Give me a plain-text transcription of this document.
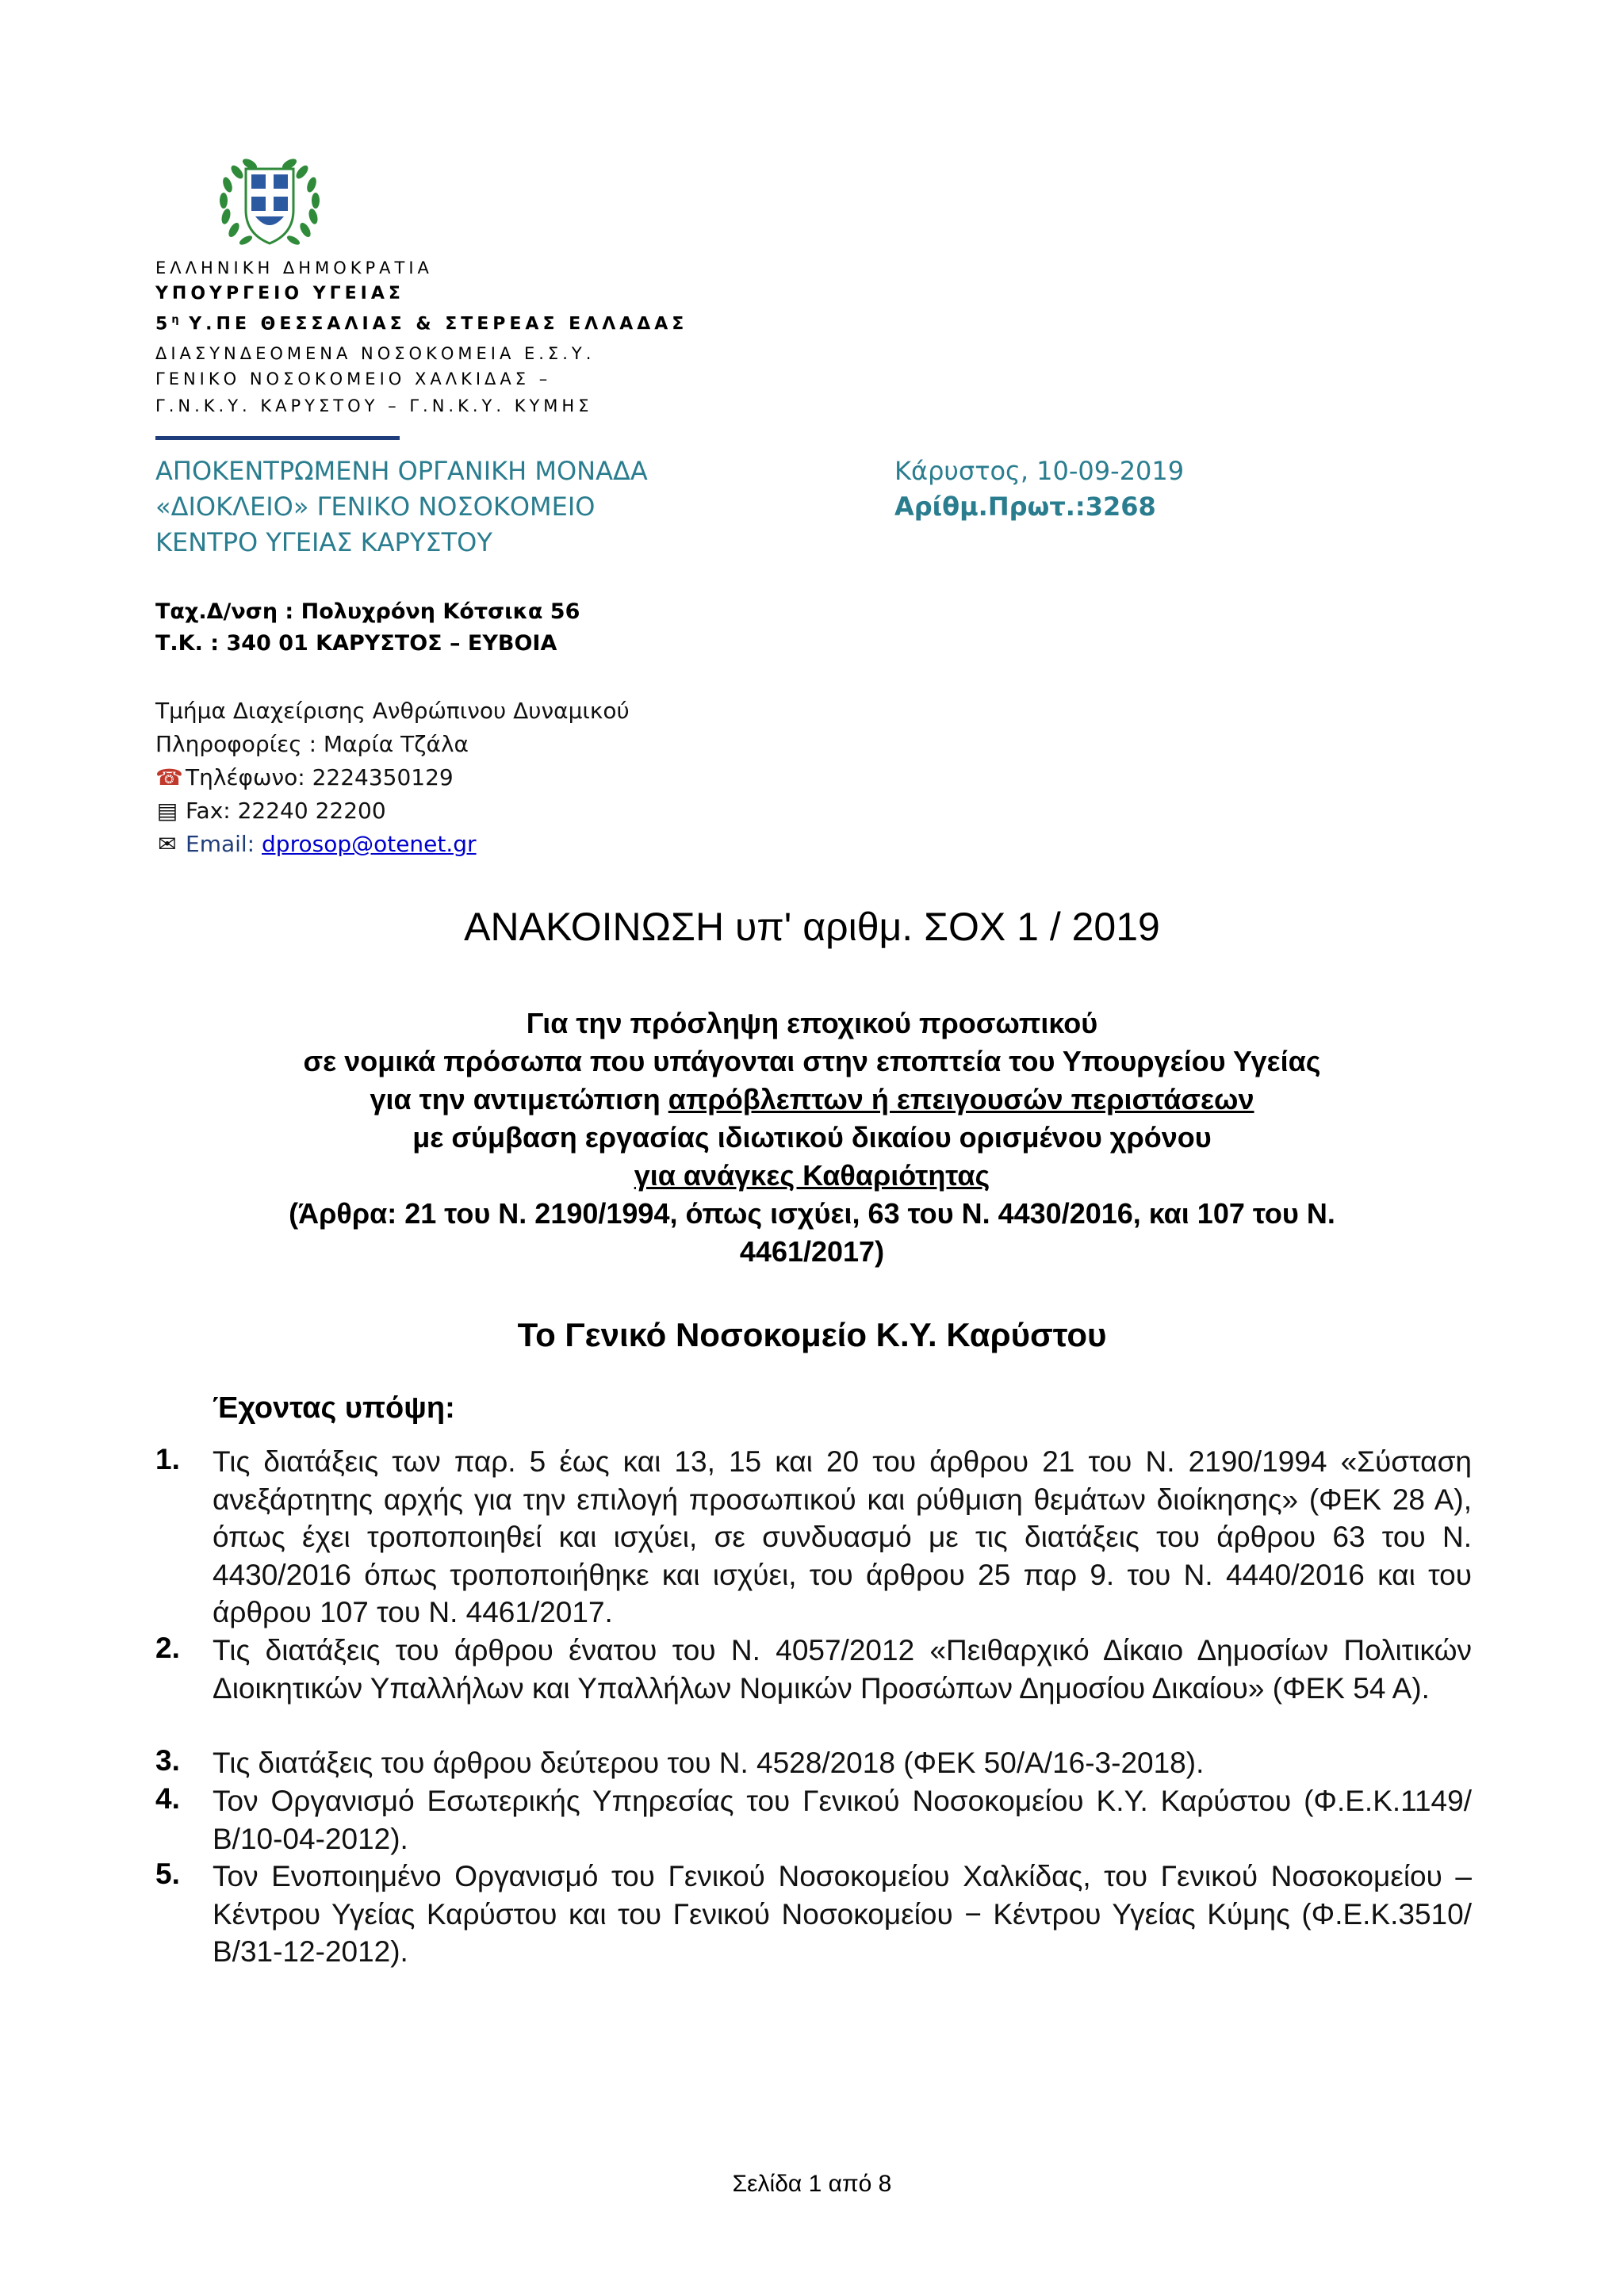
ΕΛΛΗΝΙΚΗ ΔΗΜΟΚΡΑΤΙΑ
ΥΠΟΥΡΓΕΙΟ ΥΓΕΙΑΣ
$5^\eta$ Υ.ΠΕ ΘΕΣΣΑΛΙΑΣ & ΣΤΕΡΕΑΣ ΕΛΛΑΔΑΣ
ΔΙΑΣΥΝΔΕΟΜΕΝΑ ΝΟΣΟΚΟΜΕΙΑ Ε.Σ.Υ.
ΓΕΝΙΚΟ ΝΟΣΟΚΟΜΕΙΟ ΧΑΛΚΙΔΑΣ –
Γ.Ν.Κ.Υ. ΚΑΡΥΣΤΟΥ – Γ.Ν.Κ.Υ. ΚΥΜΗΣ
ΑΠΟΚΕΝΤΡΩΜΕΝΗ ΟΡΓΑΝΙΚΗ ΜΟΝΑΔΑ
«ΔΙΟΚΛΕΙΟ» ΓΕΝΙΚΟ ΝΟΣΟΚΟΜΕΙΟ
ΚΕΝΤΡΟ ΥΓΕΙΑΣ ΚΑΡΥΣΤΟΥ
Κάρυστος, 10-09-2019
Αρίθμ.Πρωτ.:3268
Ταχ.Δ/νση : Πολυχρόνη Κότσικα 56
Τ.Κ. : 340 01 ΚΑΡΥΣΤΟΣ – ΕΥΒΟΙΑ
Τμήμα Διαχείρισης Ανθρώπινου Δυναμικού
Πληροφορίες : Μαρία Τζάλα
☎ Τηλέφωνο: 2224350129
▤ Fax: 22240 22200
✉ Email: dprosop@otenet.gr
ΑΝΑΚΟΙΝΩΣΗ υπ' αριθμ. ΣΟΧ 1 / 2019
Για την πρόσληψη εποχικού προσωπικού
σε νομικά πρόσωπα που υπάγονται στην εποπτεία του Υπουργείου Υγείας
για την αντιμετώπιση απρόβλεπτων ή επειγουσών περιστάσεων
με σύμβαση εργασίας ιδιωτικού δικαίου ορισμένου χρόνου
για ανάγκες Καθαριότητας
(Άρθρα: 21 του Ν. 2190/1994, όπως ισχύει, 63 του Ν. 4430/2016, και 107 του Ν.
4461/2017)
Το Γενικό Νοσοκομείο Κ.Υ. Καρύστου
Έχοντας υπόψη:
1. Τις διατάξεις των παρ. 5 έως και 13, 15 και 20 του άρθρου 21 του Ν. 2190/1994 «Σύσταση ανεξάρτητης αρχής για την επιλογή προσωπικού και ρύθμιση θεμάτων διοίκησης» (ΦΕΚ 28 Α), όπως έχει τροποποιηθεί και ισχύει, σε συνδυασμό με τις διατάξεις του άρθρου 63 του Ν. 4430/2016 όπως τροποποιήθηκε και ισχύει, του άρθρου 25 παρ 9. του Ν. 4440/2016 και του άρθρου 107 του Ν. 4461/2017.
2. Τις διατάξεις του άρθρου ένατου του Ν. 4057/2012 «Πειθαρχικό Δίκαιο Δημοσίων Πολιτικών Διοικητικών Υπαλλήλων και Υπαλλήλων Νομικών Προσώπων Δημοσίου Δικαίου» (ΦΕΚ 54 Α).
3. Τις διατάξεις του άρθρου δεύτερου του Ν. 4528/2018 (ΦΕΚ 50/Α/16-3-2018).
4. Τον Οργανισμό Εσωτερικής Υπηρεσίας του Γενικού Νοσοκομείου Κ.Υ. Καρύστου (Φ.Ε.Κ.1149/Β/10-04-2012).
5. Τον Ενοποιημένο Οργανισμό του Γενικού Νοσοκομείου Χαλκίδας, του Γενικού Νοσοκομείου – Κέντρου Υγείας Καρύστου και του Γενικού Νοσοκομείου − Κέντρου Υγείας Κύμης (Φ.Ε.Κ.3510/Β/31-12-2012).
Σελίδα 1 από 8
